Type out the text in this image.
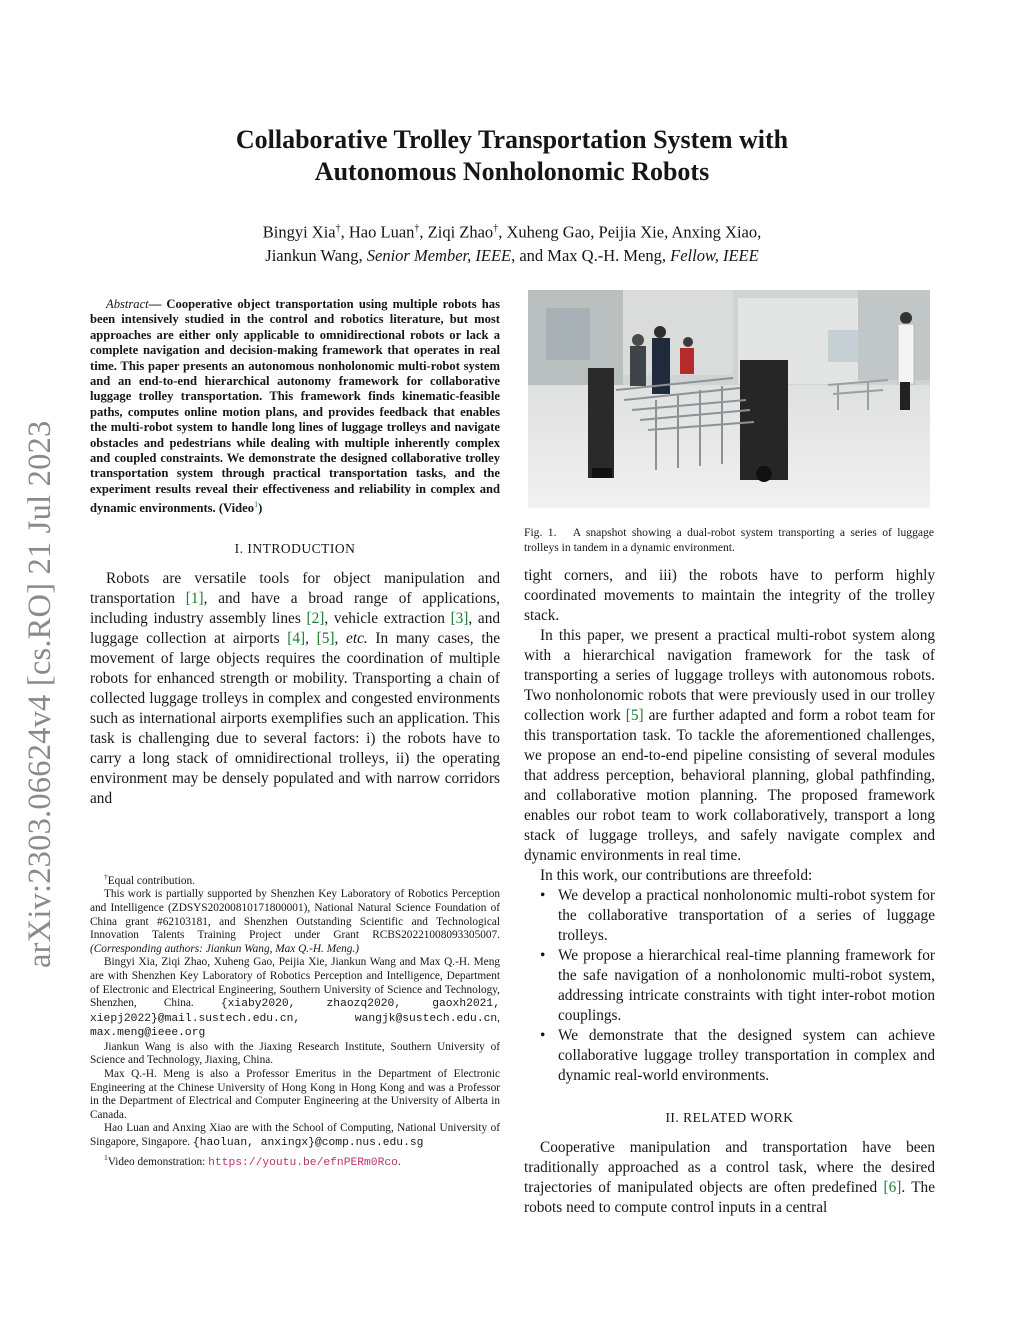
arXiv:2303.06624v4 [cs.RO] 21 Jul 2023
Collaborative Trolley Transportation System with
Autonomous Nonholonomic Robots
Bingyi Xia†, Hao Luan†, Ziqi Zhao†, Xuheng Gao, Peijia Xie, Anxing Xiao,
Jiankun Wang, Senior Member, IEEE, and Max Q.-H. Meng, Fellow, IEEE

Abstract— Cooperative object transportation using multiple robots has been intensively studied in the control and robotics literature, but most approaches are either only applicable to omnidirectional robots or lack a complete navigation and decision-making framework that operates in real time. This paper presents an autonomous nonholonomic multi-robot system and an end-to-end hierarchical autonomy framework for collaborative luggage trolley transportation. This framework finds kinematic-feasible paths, computes online motion plans, and provides feedback that enables the multi-robot system to handle long lines of luggage trolleys and navigate obstacles and pedestrians while dealing with multiple inherently complex and coupled constraints. We demonstrate the designed collaborative trolley transportation system through practical transportation tasks, and the experiment results reveal their effectiveness and reliability in complex and dynamic environments. (Video$^1$)

I. INTRODUCTION

Robots are versatile tools for object manipulation and transportation [1], and have a broad range of applications, including industry assembly lines [2], vehicle extraction [3], and luggage collection at airports [4], [5], etc. In many cases, the movement of large objects requires the coordination of multiple robots for enhanced strength or mobility. Transporting a chain of collected luggage trolleys in complex and congested environments such as international airports exemplifies such an application. This task is challenging due to several factors: i) the robots have to carry a long stack of omnidirectional trolleys, ii) the operating environment may be densely populated and with narrow corridors and

†Equal contribution.

This work is partially supported by Shenzhen Key Laboratory of Robotics Perception and Intelligence (ZDSYS20200810171800001), National Natural Science Foundation of China grant #62103181, and Shenzhen Outstanding Scientific and Technological Innovation Talents Training Project under Grant RCBS20221008093305007. (Corresponding authors: Jiankun Wang, Max Q.-H. Meng.)

Bingyi Xia, Ziqi Zhao, Xuheng Gao, Peijia Xie, Jiankun Wang and Max Q.-H. Meng are with Shenzhen Key Laboratory of Robotics Perception and Intelligence, Department of Electronic and Electrical Engineering, Southern University of Science and Technology, Shenzhen, China. {xiaby2020, zhaozq2020, gaoxh2021, xiepj2022}@mail.sustech.edu.cn,	wangjk@sustech.edu.cn, max.meng@ieee.org

Jiankun Wang is also with the Jiaxing Research Institute, Southern University of Science and Technology, Jiaxing, China.

Max Q.-H. Meng is also a Professor Emeritus in the Department of Electronic Engineering at the Chinese University of Hong Kong in Hong Kong and was a Professor in the Department of Electrical and Computer Engineering at the University of Alberta in Canada.

Hao Luan and Anxing Xiao are with the School of Computing, National University of Singapore, Singapore. {haoluan, anxingx}@comp.nus.edu.sg

$^1$Video demonstration: https://youtu.be/efnPERm0Rco.

Fig. 1. A snapshot showing a dual-robot system transporting a series of luggage trolleys in tandem in a dynamic environment.

tight corners, and iii) the robots have to perform highly coordinated movements to maintain the integrity of the trolley stack.

In this paper, we present a practical multi-robot system along with a hierarchical navigation framework for the task of transporting a series of luggage trolleys with autonomous robots. Two nonholonomic robots that were previously used in our trolley collection work [5] are further adapted and form a robot team for this transportation task. To tackle the aforementioned challenges, we propose an end-to-end pipeline consisting of several modules that address perception, behavioral planning, global pathfinding, and collaborative motion planning. The proposed framework enables our robot team to work collaboratively, transport a long stack of luggage trolleys, and safely navigate complex and dynamic environments in real time.

In this work, our contributions are threefold:

• We develop a practical nonholonomic multi-robot system for the collaborative transportation of a series of luggage trolleys.
• We propose a hierarchical real-time planning framework for the safe navigation of a nonholonomic multi-robot system, addressing intricate constraints with tight inter-robot motion couplings.
• We demonstrate that the designed system can achieve collaborative luggage trolley transportation in complex and dynamic real-world environments.
II. RELATED WORK

Cooperative manipulation and transportation have been traditionally approached as a control task, where the desired trajectories of manipulated objects are often predefined [6]. The robots need to compute control inputs in a central
